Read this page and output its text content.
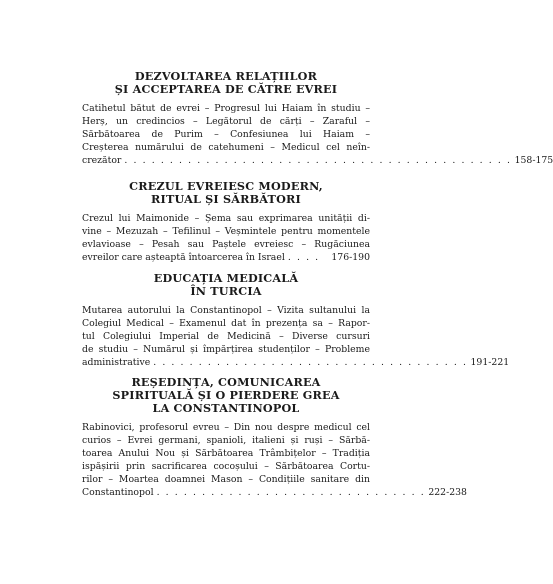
DEZVOLTAREA RELAȚIILOR
ȘI ACCEPTAREA DE CĂTRE EVREI

Catihetul bătut de evrei – Progresul lui Haiam în studiu –
Herș, un credincios – Legătorul de cărți – Zaraful –
Sărbătoarea de Purim – Confesiunea lui Haiam –
Creșterea numărului de catehumeni – Medicul cel neîn-
crezător . . . . . . . . . . . . . . . . . . . . . . . . . . . . . . . . . . . . . . . . . . . 158-175

CREZUL EVREIESC MODERN,
RITUAL ȘI SĂRBĂTORI

Crezul lui Maimonide – Șema sau exprimarea unității di-
vine – Mezuzah – Tefilinul – Veșmintele pentru momentele
evlavioase – Pesah sau Paștele evreiesc – Rugăciunea
evreilor care așteaptă întoarcerea în Israel . . . .	176-190

EDUCAȚIA MEDICALĂ
ÎN TURCIA

Mutarea autorului la Constantinopol – Vizita sultanului la
Colegiul Medical – Examenul dat în prezența sa – Rapor-
tul Colegiului Imperial de Medicină – Diverse cursuri
de studiu – Numărul și împărțirea studenților – Probleme
administrative . . . . . . . . . . . . . . . . . . . . . . . . . . . . . . . . . . . 191-221

REȘEDINȚA, COMUNICAREA
SPIRITUALĂ ȘI O PIERDERE GREA
LA CONSTANTINOPOL

Rabinovici, profesorul evreu – Din nou despre medicul cel
curios – Evrei germani, spanioli, italieni și ruși – Sărbă-
toarea Anului Nou și Sărbătoarea Trâmbițelor – Tradiția
ispășirii prin sacrificarea cocoșului – Sărbătoarea Cortu-
rilor – Moartea doamnei Mason – Condițiile sanitare din
Constantinopol . . . . . . . . . . . . . . . . . . . . . . . . . . . . . . 222-238
